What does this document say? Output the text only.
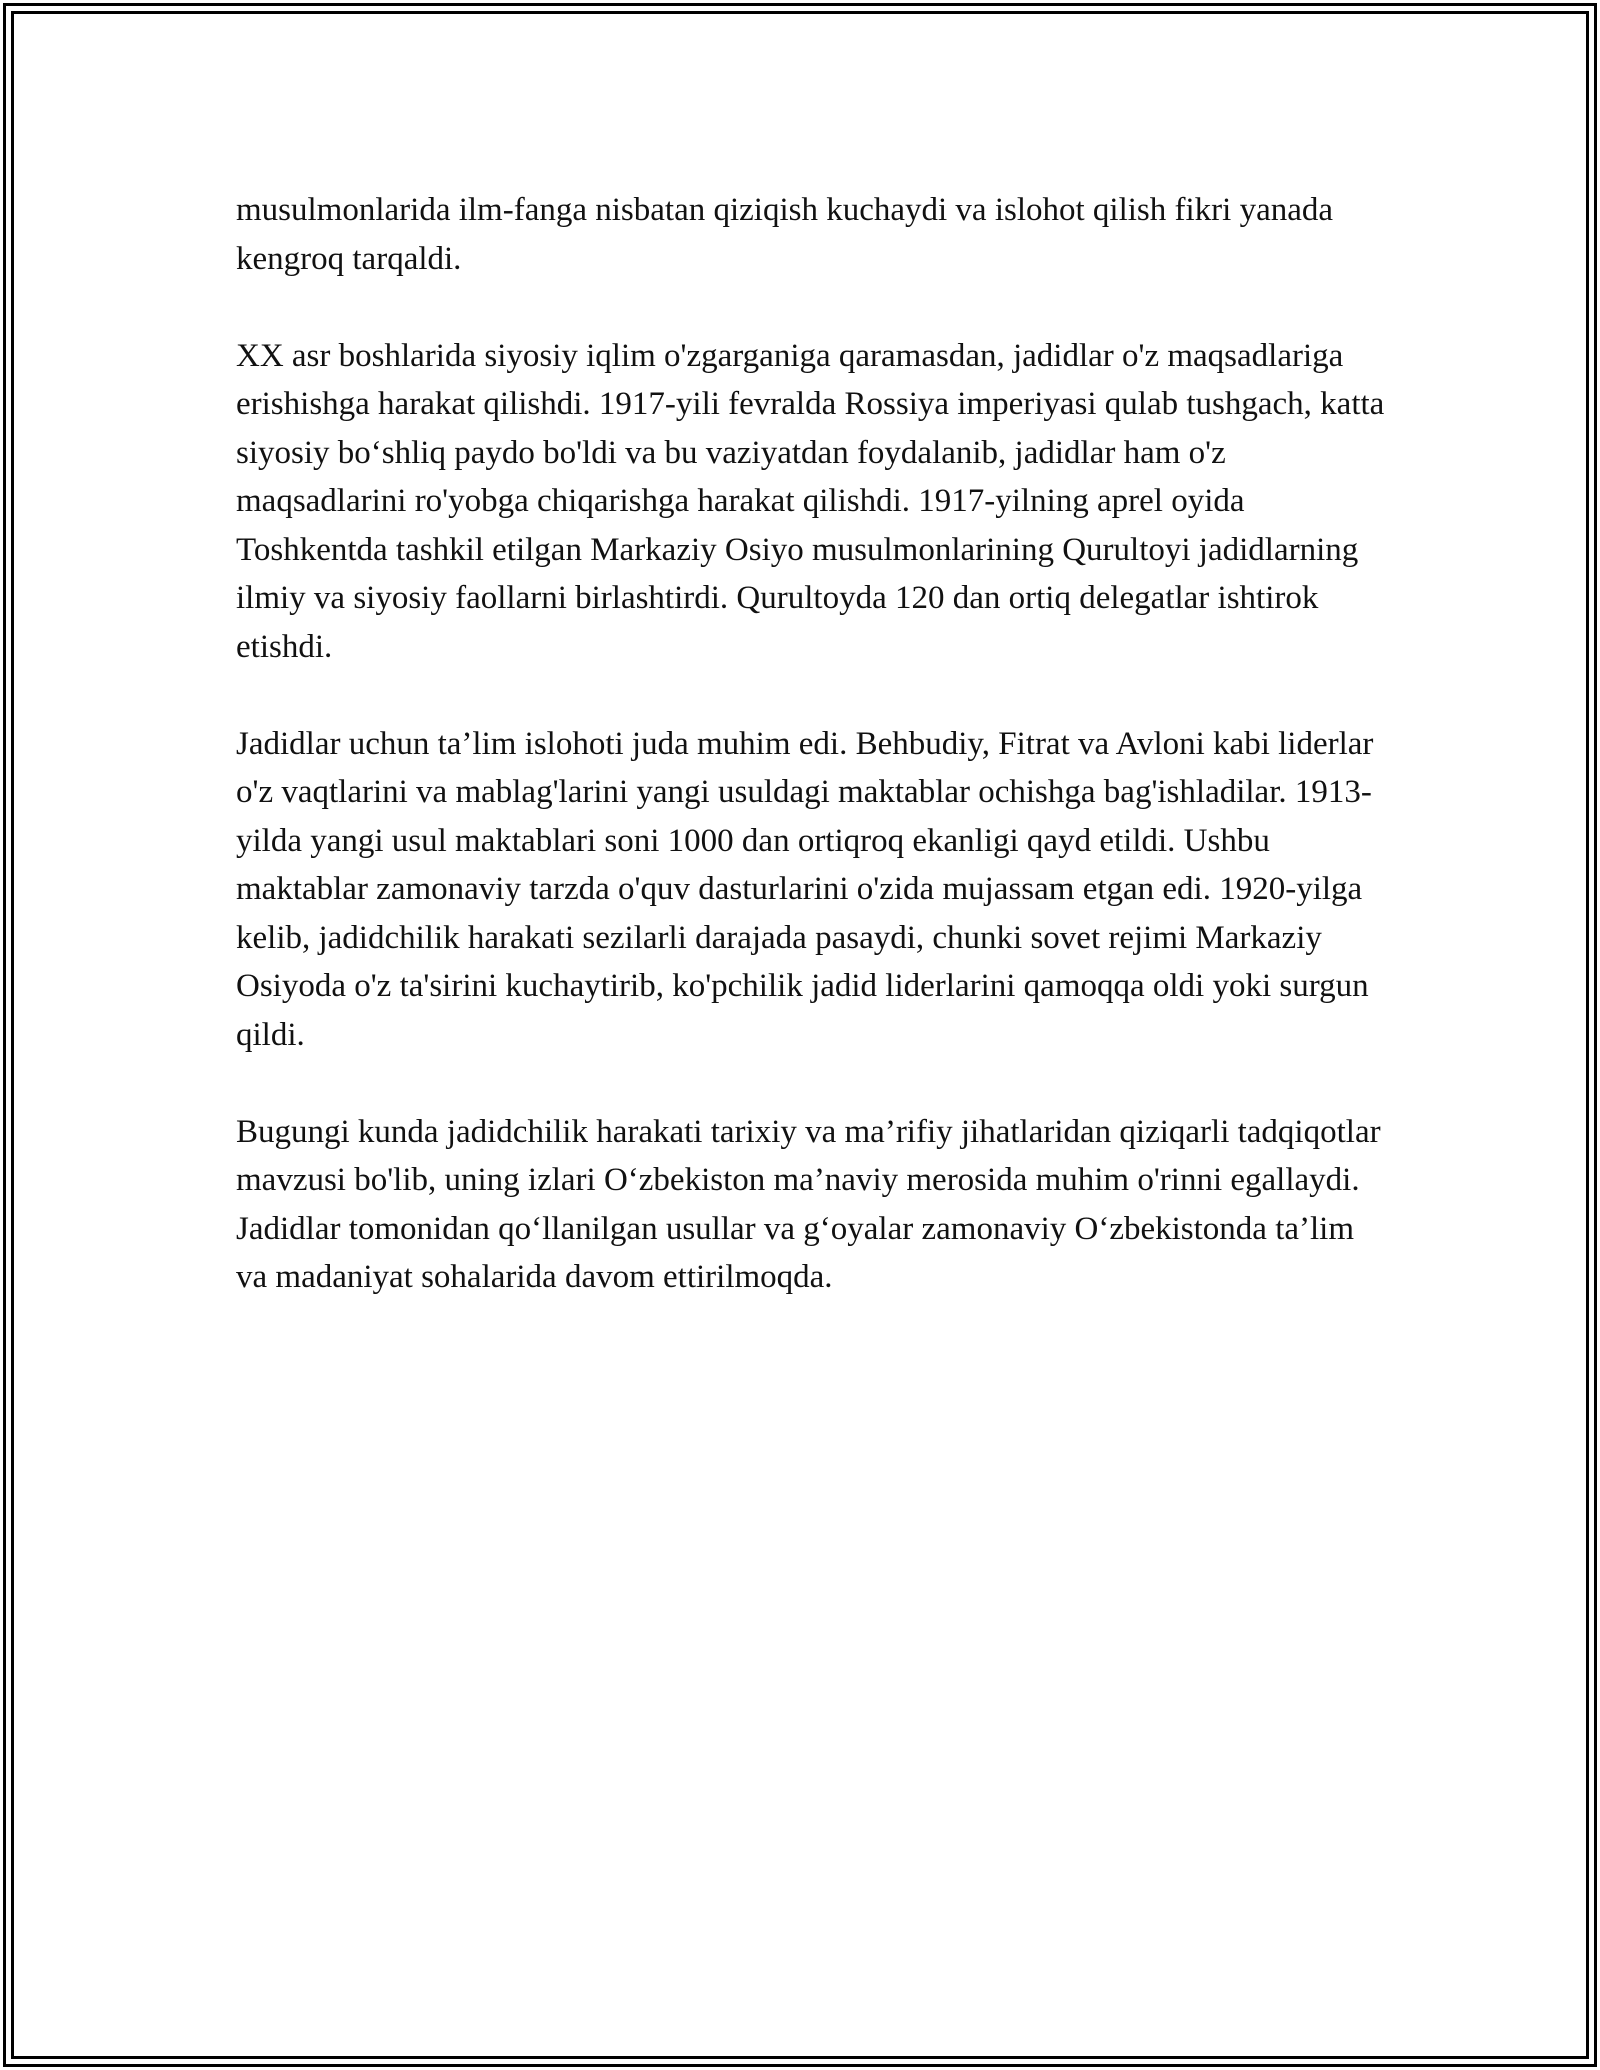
musulmonlarida ilm-fanga nisbatan qiziqish kuchaydi va islohot qilish fikri yanada kengroq tarqaldi.

XX asr boshlarida siyosiy iqlim o'zgarganiga qaramasdan, jadidlar o'z maqsadlariga erishishga harakat qilishdi. 1917-yili fevralda Rossiya imperiyasi qulab tushgach, katta siyosiy bo‘shliq paydo bo'ldi va bu vaziyatdan foydalanib, jadidlar ham o'z maqsadlarini ro'yobga chiqarishga harakat qilishdi. 1917-yilning aprel oyida Toshkentda tashkil etilgan Markaziy Osiyo musulmonlarining Qurultoyi jadidlarning ilmiy va siyosiy faollarni birlashtirdi. Qurultoyda 120 dan ortiq delegatlar ishtirok etishdi.

Jadidlar uchun ta’lim islohoti juda muhim edi. Behbudiy, Fitrat va Avloni kabi liderlar o'z vaqtlarini va mablag'larini yangi usuldagi maktablar ochishga bag'ishladilar. 1913-yilda yangi usul maktablari soni 1000 dan ortiqroq ekanligi qayd etildi. Ushbu maktablar zamonaviy tarzda o'quv dasturlarini o'zida mujassam etgan edi. 1920-yilga kelib, jadidchilik harakati sezilarli darajada pasaydi, chunki sovet rejimi Markaziy Osiyoda o'z ta'sirini kuchaytirib, ko'pchilik jadid liderlarini qamoqqa oldi yoki surgun qildi.

Bugungi kunda jadidchilik harakati tarixiy va ma’rifiy jihatlaridan qiziqarli tadqiqotlar mavzusi bo'lib, uning izlari O‘zbekiston ma’naviy merosida muhim o'rinni egallaydi. Jadidlar tomonidan qo‘llanilgan usullar va g‘oyalar zamonaviy O‘zbekistonda ta’lim va madaniyat sohalarida davom ettirilmoqda.
